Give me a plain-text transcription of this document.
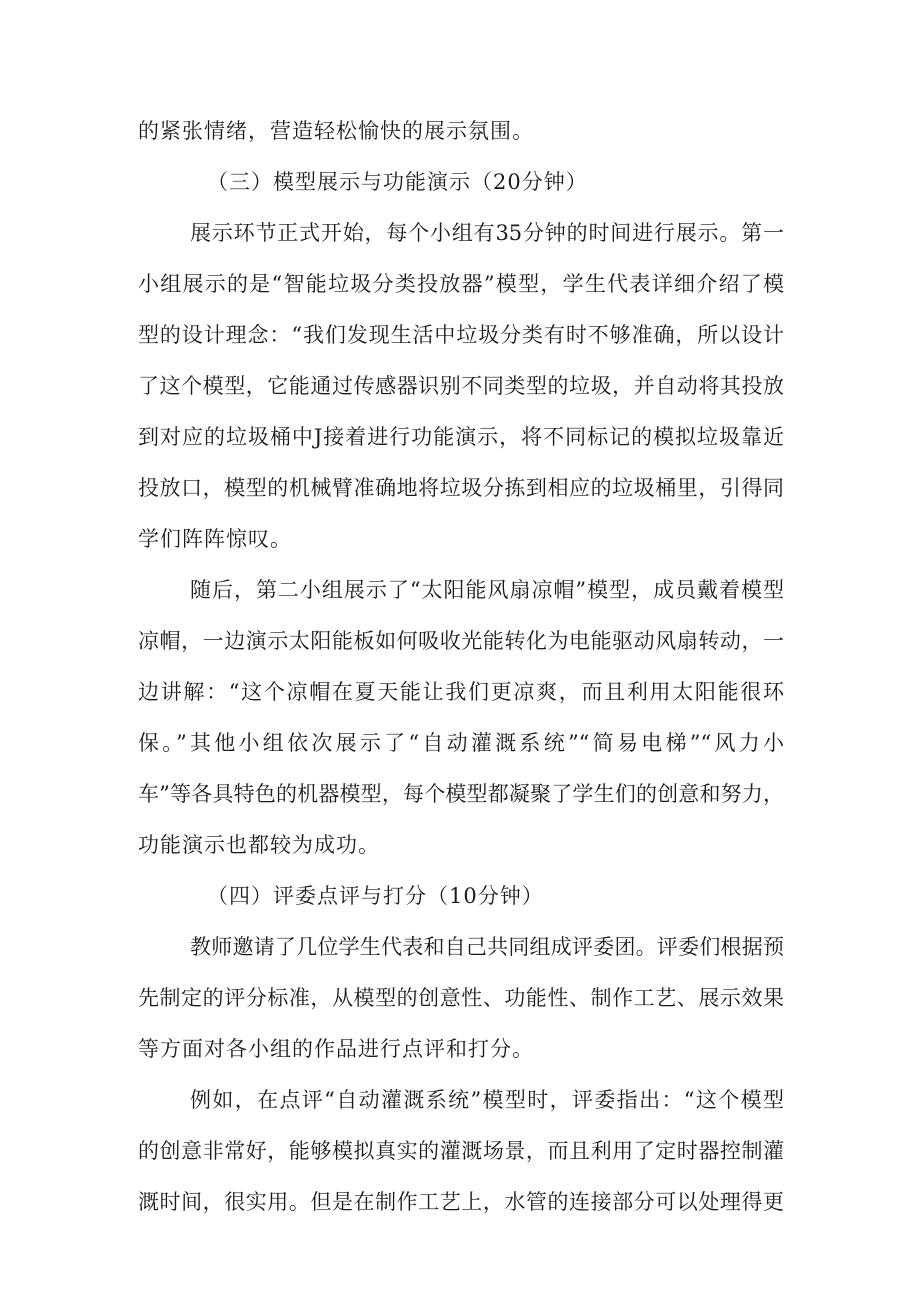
的紧张情绪，营造轻松愉快的展示氛围。
（三）模型展示与功能演示（20分钟）
展示环节正式开始，每个小组有35分钟的时间进行展示。第一
小组展示的是“智能垃圾分类投放器”模型，学生代表详细介绍了模
型的设计理念：“我们发现生活中垃圾分类有时不够准确，所以设计
了这个模型，它能通过传感器识别不同类型的垃圾，并自动将其投放
到对应的垃圾桶中J接着进行功能演示，将不同标记的模拟垃圾靠近
投放口，模型的机械臂准确地将垃圾分拣到相应的垃圾桶里，引得同
学们阵阵惊叹。
随后，第二小组展示了“太阳能风扇凉帽”模型，成员戴着模型
凉帽，一边演示太阳能板如何吸收光能转化为电能驱动风扇转动，一
边讲解：“这个凉帽在夏天能让我们更凉爽，而且利用太阳能很环
保。”其他小组依次展示了“自动灌溉系统”“简易电梯”“风力小
车”等各具特色的机器模型，每个模型都凝聚了学生们的创意和努力，
功能演示也都较为成功。
（四）评委点评与打分（10分钟）
教师邀请了几位学生代表和自己共同组成评委团。评委们根据预
先制定的评分标准，从模型的创意性、功能性、制作工艺、展示效果
等方面对各小组的作品进行点评和打分。
例如，在点评“自动灌溉系统”模型时，评委指出：“这个模型
的创意非常好，能够模拟真实的灌溉场景，而且利用了定时器控制灌
溉时间，很实用。但是在制作工艺上，水管的连接部分可以处理得更
